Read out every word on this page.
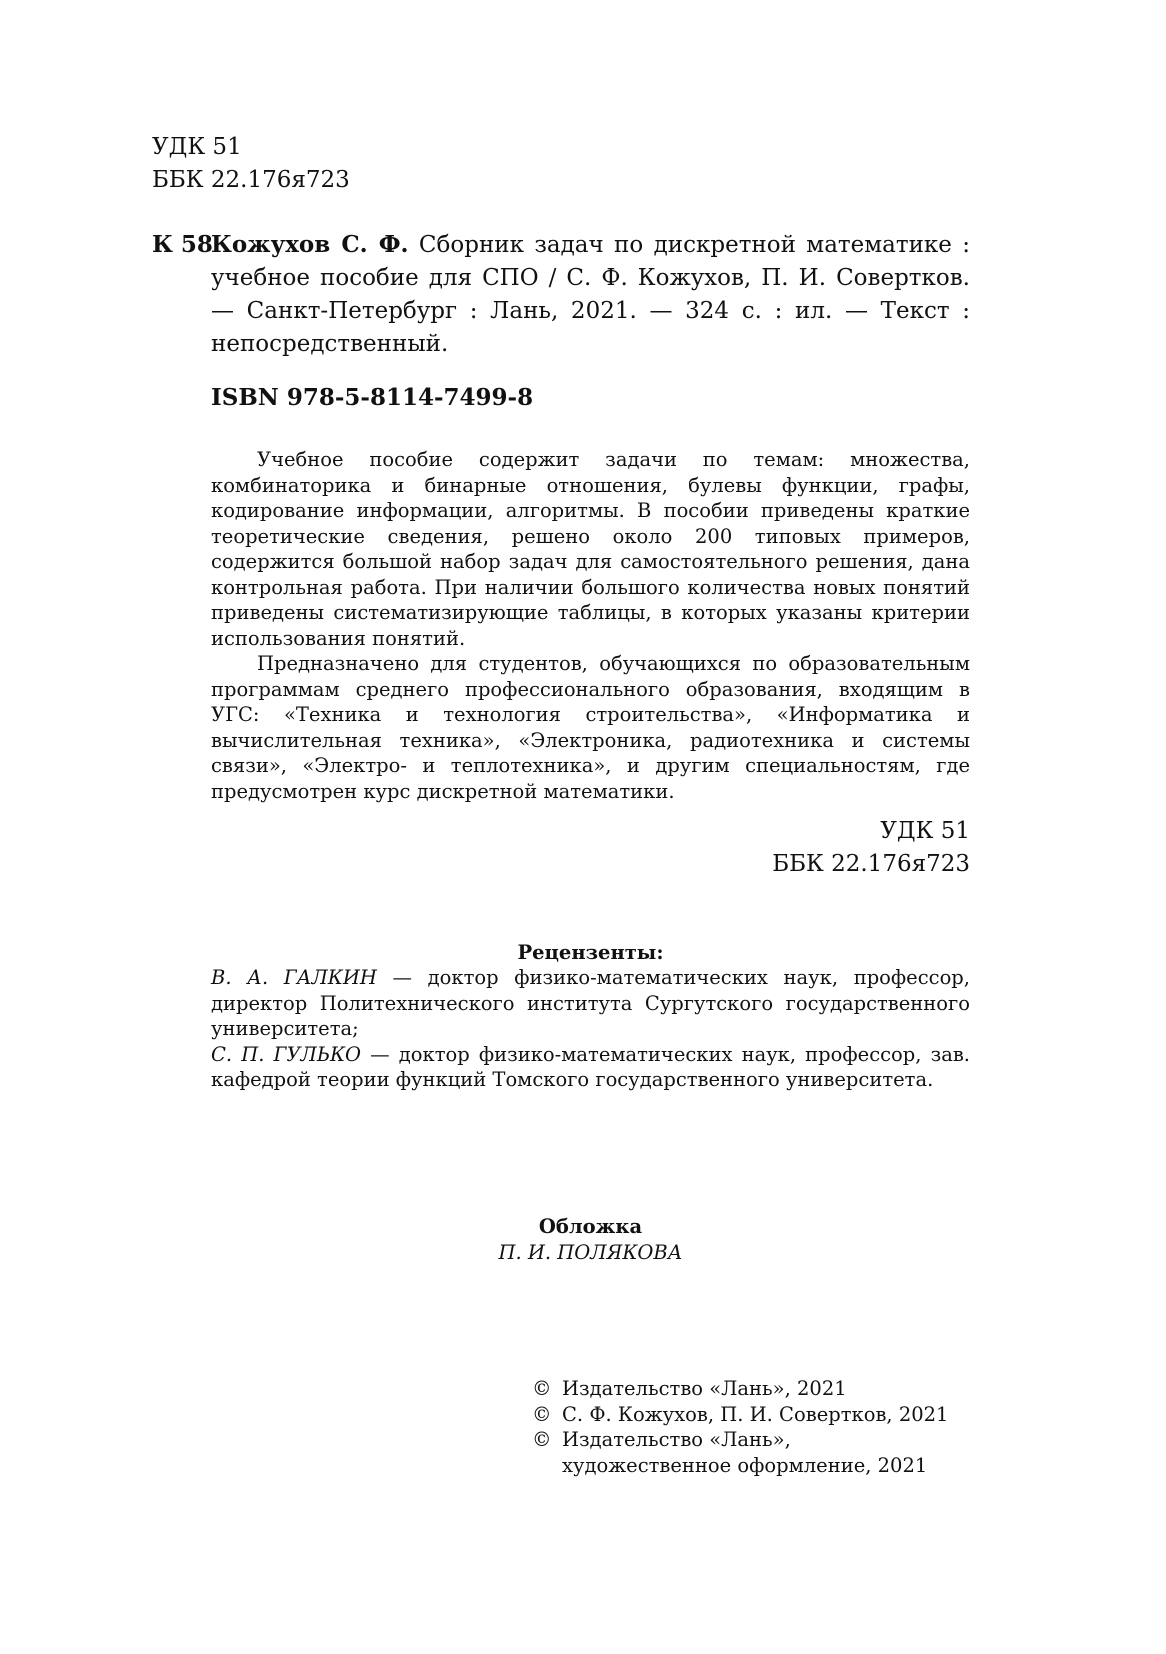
УДК 51
ББК 22.176я723
К 58
Кожухов С. Ф. Сборник задач по дискретной математике : учебное пособие для СПО / С. Ф. Кожухов, П. И. Совертков. — Санкт-Петербург : Лань, 2021. — 324 с. : ил. — Текст : непосредственный.
ISBN 978-5-8114-7499-8
Учебное пособие содержит задачи по темам: множества, комбинаторика и бинарные отношения, булевы функции, графы, кодирование информации, алгоритмы. В пособии приведены краткие теоретические сведения, решено около 200 типовых примеров, содержится большой набор задач для самостоятельного решения, дана контрольная работа. При наличии большого количества новых понятий приведены систематизирующие таблицы, в которых указаны критерии использования понятий.
Предназначено для студентов, обучающихся по образовательным программам среднего профессионального образования, входящим в УГС: «Техника и технология строительства», «Информатика и вычислительная техника», «Электроника, радиотехника и системы связи», «Электро- и теплотехника», и другим специальностям, где предусмотрен курс дискретной математики.
УДК 51
ББК 22.176я723
Рецензенты:
В. А. ГАЛКИН — доктор физико-математических наук, профессор, директор Политехнического института Сургутского государственного университета;
С. П. ГУЛЬКО — доктор физико-математических наук, профессор, зав. кафедрой теории функций Томского государственного университета.
Обложка
П. И. ПОЛЯКОВА
© Издательство «Лань», 2021
© С. Ф. Кожухов, П. И. Совертков, 2021
© Издательство «Лань»,
художественное оформление, 2021
